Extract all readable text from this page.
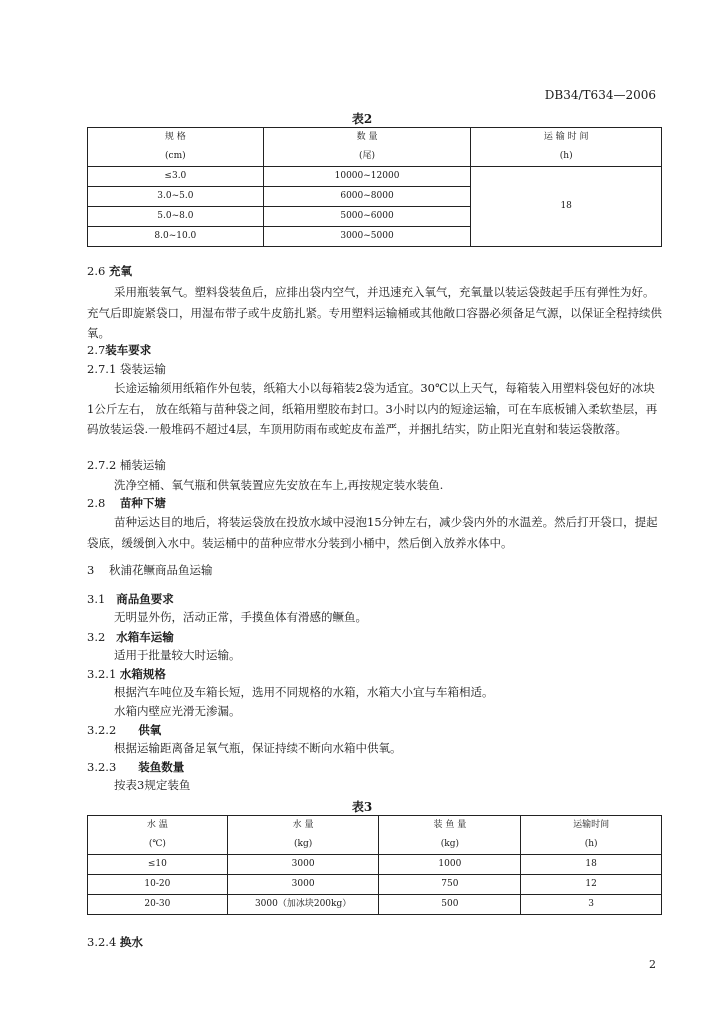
DB34/T634—2006
表2
规 格	数 量	运 输 时 间
(cm)	(尾)	(h)
≤3.0	10000~12000	18
3.0~5.0	6000~8000	
5.0~8.0	5000~6000	
8.0~10.0	3000~5000	
2.6 充氧
采用瓶装氧气。塑料袋装鱼后，应排出袋内空气，并迅速充入氧气，充氧量以装运袋鼓起手压有弹性为好。充气后即旋紧袋口，用湿布带子或牛皮筋扎紧。专用塑料运输桶或其他敞口容器必须备足气源，以保证全程持续供氧。
2.7装车要求
2.7.1 袋装运输
长途运输须用纸箱作外包装，纸箱大小以每箱装2袋为适宜。30℃以上天气，每箱装入用塑料袋包好的冰块1公斤左右， 放在纸箱与苗种袋之间，纸箱用塑胶布封口。3小时以内的短途运输，可在车底板铺入柔软垫层，再码放装运袋.一般堆码不超过4层，车顶用防雨布或蛇皮布盖严，并捆扎结实，防止阳光直射和装运袋散落。
2.7.2 桶装运输
洗净空桶、氧气瓶和供氧装置应先安放在车上,再按规定装水装鱼.
2.8 苗种下塘
苗种运达目的地后，将装运袋放在投放水域中浸泡15分钟左右，减少袋内外的水温差。然后打开袋口，提起袋底，缓缓倒入水中。装运桶中的苗种应带水分装到小桶中，然后倒入放养水体中。
3 秋浦花鳜商品鱼运输
3.1 商品鱼要求
无明显外伤，活动正常，手摸鱼体有滑感的鳜鱼。
3.2 水箱车运输
适用于批量较大时运输。
3.2.1 水箱规格
根据汽车吨位及车箱长短，选用不同规格的水箱，水箱大小宜与车箱相适。
水箱内壁应光滑无渗漏。
3.2.2 供氧
根据运输距离备足氧气瓶，保证持续不断向水箱中供氧。
3.2.3 装鱼数量
按表3规定装鱼
表3
水 温	水 量	装 鱼 量	运输时间
(℃)	(kg)	(kg)	(h)
≤10	3000	1000	18
10-20	3000	750	12
20-30	3000（加冰块200kg）	500	3
3.2.4 换水
2
